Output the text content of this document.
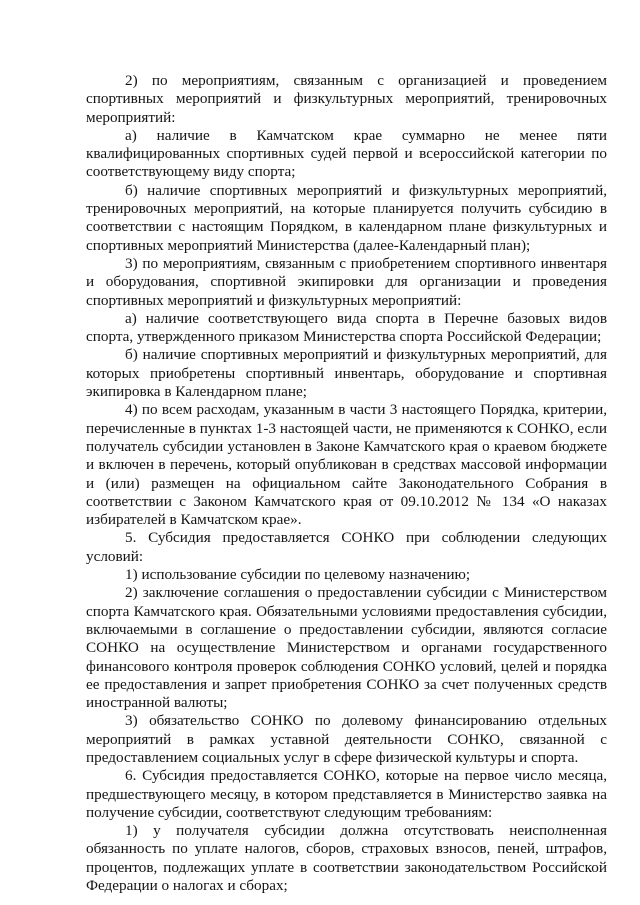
2) по мероприятиям, связанным с организацией и проведением спортивных мероприятий и физкультурных мероприятий, тренировочных мероприятий:

а) наличие в Камчатском крае суммарно не менее пяти квалифицированных спортивных судей первой и всероссийской категории по соответствующему виду спорта;

б) наличие спортивных мероприятий и физкультурных мероприятий, тренировочных мероприятий, на которые планируется получить субсидию в соответствии с настоящим Порядком, в календарном плане физкультурных и спортивных мероприятий Министерства (далее-Календарный план);

3) по мероприятиям, связанным с приобретением спортивного инвентаря и оборудования, спортивной экипировки для организации и проведения спортивных мероприятий и физкультурных мероприятий:

а) наличие соответствующего вида спорта в Перечне базовых видов спорта, утвержденного приказом Министерства спорта Российской Федерации;

б) наличие спортивных мероприятий и физкультурных мероприятий, для которых приобретены спортивный инвентарь, оборудование и спортивная экипировка в Календарном плане;

4) по всем расходам, указанным в части 3 настоящего Порядка, критерии, перечисленные в пунктах 1-3 настоящей части, не применяются к СОНКО, если получатель субсидии установлен в Законе Камчатского края о краевом бюджете и включен в перечень, который опубликован в средствах массовой информации и (или) размещен на официальном сайте Законодательного Собрания в соответствии с Законом Камчатского края от 09.10.2012 № 134 «О наказах избирателей в Камчатском крае».

5. Субсидия предоставляется СОНКО при соблюдении следующих условий:

1) использование субсидии по целевому назначению;

2) заключение соглашения о предоставлении субсидии с Министерством спорта Камчатского края. Обязательными условиями предоставления субсидии, включаемыми в соглашение о предоставлении субсидии, являются согласие СОНКО на осуществление Министерством и органами государственного финансового контроля проверок соблюдения СОНКО условий, целей и порядка ее предоставления и запрет приобретения СОНКО за счет полученных средств иностранной валюты;

3) обязательство СОНКО по долевому финансированию отдельных мероприятий в рамках уставной деятельности СОНКО, связанной с предоставлением социальных услуг в сфере физической культуры и спорта.

6. Субсидия предоставляется СОНКО, которые на первое число месяца, предшествующего месяцу, в котором представляется в Министерство заявка на получение субсидии, соответствуют следующим требованиям:

1) у получателя субсидии должна отсутствовать неисполненная обязанность по уплате налогов, сборов, страховых взносов, пеней, штрафов, процентов, подлежащих уплате в соответствии законодательством Российской Федерации о налогах и сборах;
